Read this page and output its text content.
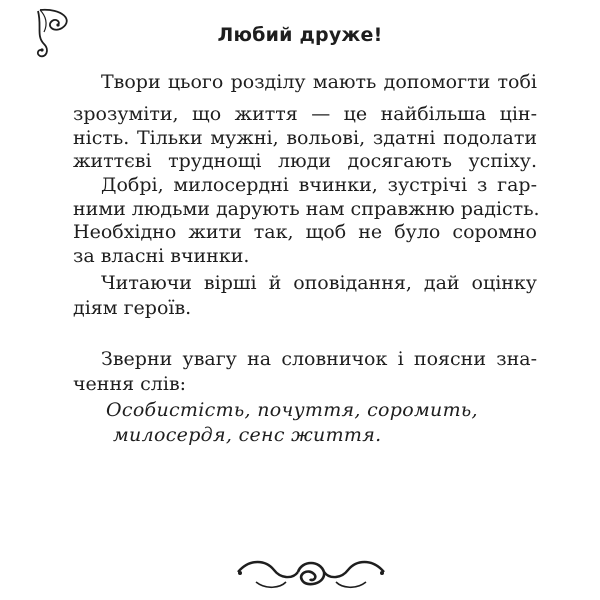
Любий друже!
Твори цього розділу мають допомогти тобі
зрозуміти, що життя — це найбільша цін-
ність. Тільки мужні, вольові, здатні подолати
життєві труднощі люди досягають успіху.
Добрі, милосердні вчинки, зустрічі з гар-
ними людьми дарують нам справжню радість.
Необхідно жити так, щоб не було соромно
за власні вчинки.
Читаючи вірші й оповідання, дай оцінку
діям героїв.
Зверни увагу на словничок і поясни зна-
чення слів:
Особистість, почуття, соромить,
милосердя, сенс життя.
